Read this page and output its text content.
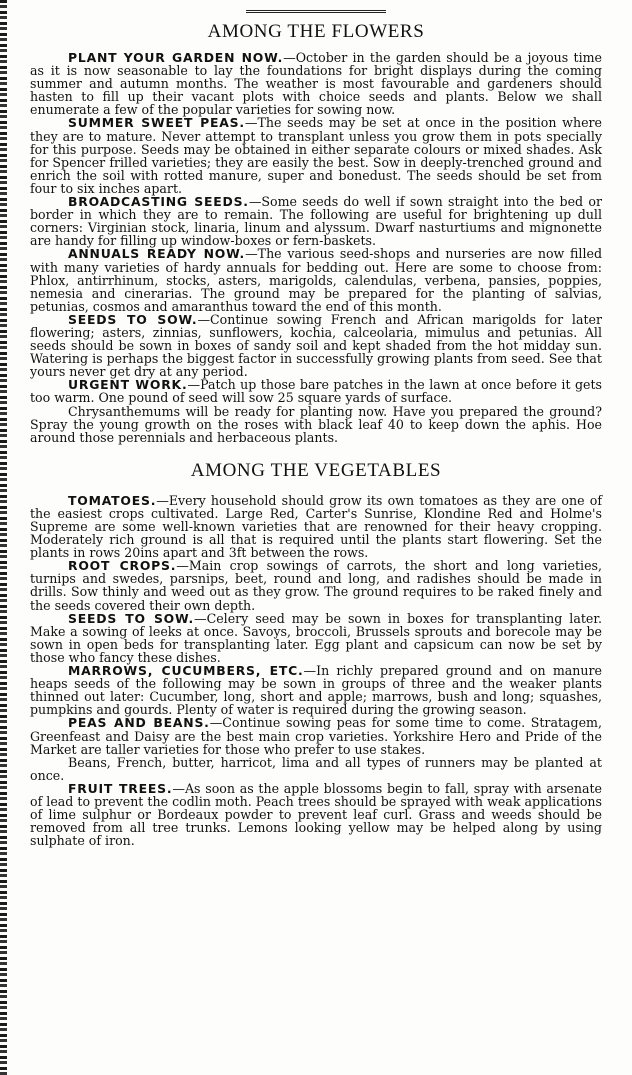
AMONG THE FLOWERS

PLANT YOUR GARDEN NOW.—October in the garden should be a joyous time as it is now seasonable to lay the foundations for bright displays during the coming summer and autumn months. The weather is most favourable and gardeners should hasten to fill up their vacant plots with choice seeds and plants. Below we shall enumerate a few of the popular varieties for sowing now.

SUMMER SWEET PEAS.—The seeds may be set at once in the position where they are to mature. Never attempt to transplant unless you grow them in pots specially for this purpose. Seeds may be obtained in either separate colours or mixed shades. Ask for Spencer frilled varieties; they are easily the best. Sow in deeply-trenched ground and enrich the soil with rotted manure, super and bonedust. The seeds should be set from four to six inches apart.

BROADCASTING SEEDS.—Some seeds do well if sown straight into the bed or border in which they are to remain. The following are useful for brightening up dull corners: Virginian stock, linaria, linum and alyssum. Dwarf nasturtiums and mignonette are handy for filling up window-boxes or fern-baskets.

ANNUALS READY NOW.—The various seed-shops and nurseries are now filled with many varieties of hardy annuals for bedding out. Here are some to choose from: Phlox, antirrhinum, stocks, asters, marigolds, calendulas, verbena, pansies, poppies, nemesia and cinerarias. The ground may be prepared for the planting of salvias, petunias, cosmos and amaranthus toward the end of this month.

SEEDS TO SOW.—Continue sowing French and African marigolds for later flowering; asters, zinnias, sunflowers, kochia, calceolaria, mimulus and petunias. All seeds should be sown in boxes of sandy soil and kept shaded from the hot midday sun. Watering is perhaps the biggest factor in successfully growing plants from seed. See that yours never get dry at any period.

URGENT WORK.—Patch up those bare patches in the lawn at once before it gets too warm. One pound of seed will sow 25 square yards of surface.

Chrysanthemums will be ready for planting now. Have you prepared the ground? Spray the young growth on the roses with black leaf 40 to keep down the aphis. Hoe around those perennials and herbaceous plants.

AMONG THE VEGETABLES

TOMATOES.—Every household should grow its own tomatoes as they are one of the easiest crops cultivated. Large Red, Carter's Sunrise, Klondine Red and Holme's Supreme are some well-known varieties that are renowned for their heavy cropping. Moderately rich ground is all that is required until the plants start flowering. Set the plants in rows 20ins apart and 3ft between the rows.

ROOT CROPS.—Main crop sowings of carrots, the short and long varieties, turnips and swedes, parsnips, beet, round and long, and radishes should be made in drills. Sow thinly and weed out as they grow. The ground requires to be raked finely and the seeds covered their own depth.

SEEDS TO SOW.—Celery seed may be sown in boxes for transplanting later. Make a sowing of leeks at once. Savoys, broccoli, Brussels sprouts and borecole may be sown in open beds for transplanting later. Egg plant and capsicum can now be set by those who fancy these dishes.

MARROWS, CUCUMBERS, ETC.—In richly prepared ground and on manure heaps seeds of the following may be sown in groups of three and the weaker plants thinned out later: Cucumber, long, short and apple; marrows, bush and long; squashes, pumpkins and gourds. Plenty of water is required during the growing season.

PEAS AND BEANS.—Continue sowing peas for some time to come. Stratagem, Greenfeast and Daisy are the best main crop varieties. Yorkshire Hero and Pride of the Market are taller varieties for those who prefer to use stakes.

Beans, French, butter, harricot, lima and all types of runners may be planted at once.

FRUIT TREES.—As soon as the apple blossoms begin to fall, spray with arsenate of lead to prevent the codlin moth. Peach trees should be sprayed with weak applications of lime sulphur or Bordeaux powder to prevent leaf curl. Grass and weeds should be removed from all tree trunks. Lemons looking yellow may be helped along by using sulphate of iron.
